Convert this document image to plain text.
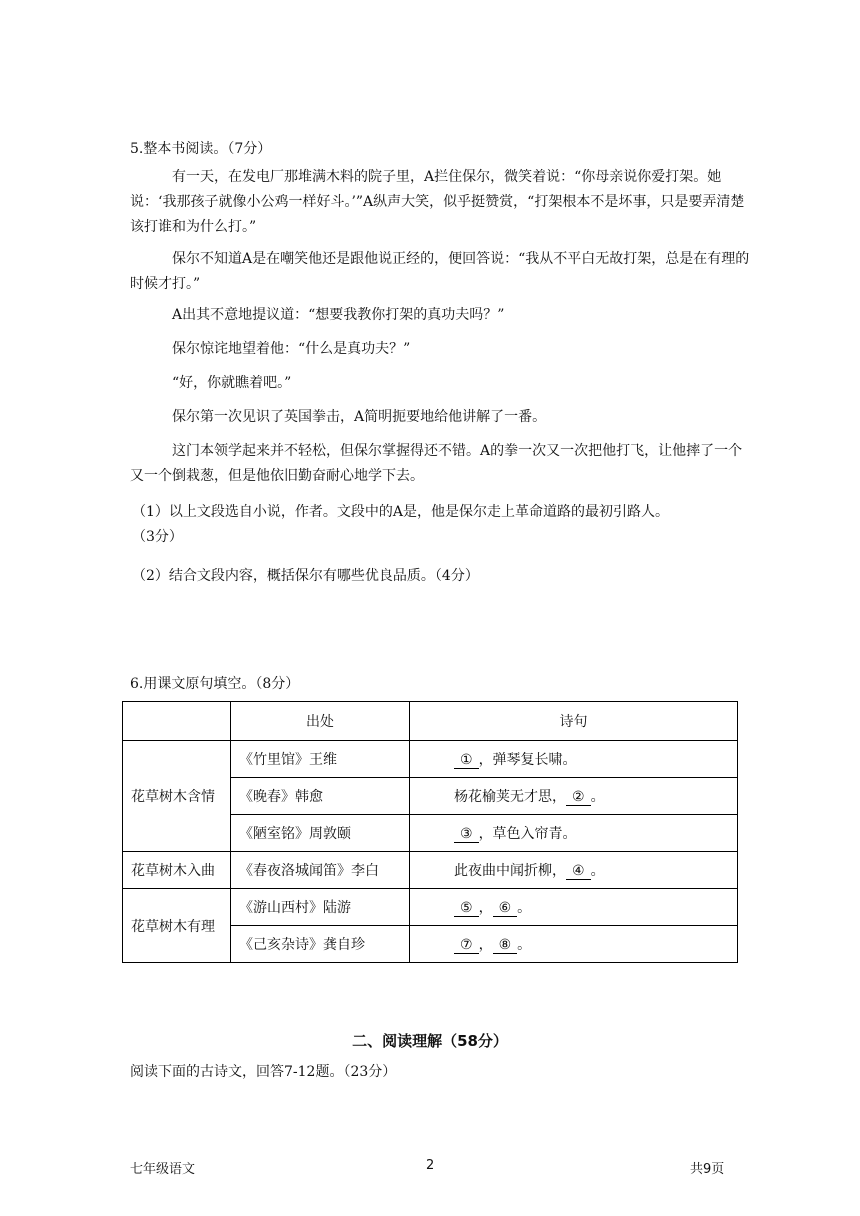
5.整本书阅读。（7分）
有一天，在发电厂那堆满木料的院子里，A拦住保尔，微笑着说：“你母亲说你爱打架。她说：‘我那孩子就像小公鸡一样好斗。’”A纵声大笑，似乎挺赞赏，“打架根本不是坏事，只是要弄清楚该打谁和为什么打。”
保尔不知道A是在嘲笑他还是跟他说正经的，便回答说：“我从不平白无故打架，总是在有理的时候才打。”
A出其不意地提议道：“想要我教你打架的真功夫吗？”
保尔惊诧地望着他：“什么是真功夫？”
“好，你就瞧着吧。”
保尔第一次见识了英国拳击，A简明扼要地给他讲解了一番。
这门本领学起来并不轻松，但保尔掌握得还不错。A的拳一次又一次把他打飞，让他摔了一个又一个倒栽葱，但是他依旧勤奋耐心地学下去。
（1）以上文段选自小说，作者。文段中的A是，他是保尔走上革命道路的最初引路人。
（3分）
（2）结合文段内容，概括保尔有哪些优良品质。（4分）
6.用课文原句填空。（8分）
	出处	诗句
花草树木含情	《竹里馆》王维	① ，弹琴复长啸。
	《晚春》韩愈	杨花榆荚无才思， ② 。
	《陋室铭》周敦颐	③ ，草色入帘青。
花草树木入曲	《春夜洛城闻笛》李白	此夜曲中闻折柳， ④ 。
花草树木有理	《游山西村》陆游	⑤ ， ⑥ 。
	《己亥杂诗》龚自珍	⑦ ， ⑧ 。
二、阅读理解（58分）
阅读下面的古诗文，回答7-12题。（23分）
七年级语文	2	共9页
